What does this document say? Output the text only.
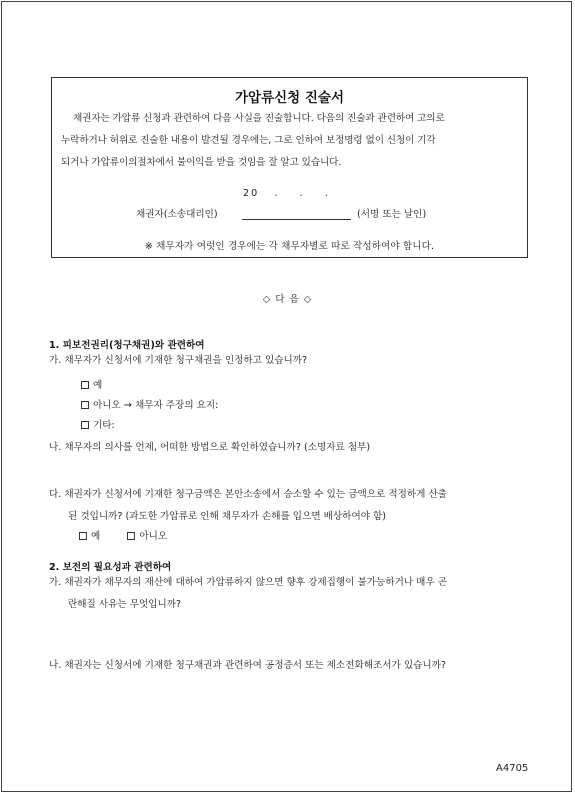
가압류신청 진술서
채권자는 가압류 신청과 관련하여 다음 사실을 진술합니다. 다음의 진술과 관련하여 고의로
누락하거나 허위로 진술한 내용이 발견될 경우에는, 그로 인하여 보정명령 없이 신청이 기각
되거나 가압류이의절차에서 불이익을 받을 것임을 잘 알고 있습니다.
20   .    .    .
채권자(소송대리인)	(서명 또는 날인)
※ 채무자가 여럿인 경우에는 각 채무자별로 따로 작성하여야 합니다.
◇ 다 음 ◇
1. 피보전권리(청구채권)와 관련하여
가. 채무자가 신청서에 기재한 청구채권을 인정하고 있습니까?
예
아니오 → 채무자 주장의 요지:
기타:
나. 채무자의 의사를 언제, 어떠한 방법으로 확인하였습니까? (소명자료 첨부)
다. 채권자가 신청서에 기재한 청구금액은 본안소송에서 승소할 수 있는 금액으로 적정하게 산출
된 것입니까? (과도한 가압류로 인해 채무자가 손해를 입으면 배상하여야 함)
예	아니오
2. 보전의 필요성과 관련하여
가. 채권자가 채무자의 재산에 대하여 가압류하지 않으면 향후 강제집행이 불가능하거나 매우 곤
란해질 사유는 무엇입니까?
나. 채권자는 신청서에 기재한 청구채권과 관련하여 공정증서 또는 제소전화해조서가 있습니까?
A4705
